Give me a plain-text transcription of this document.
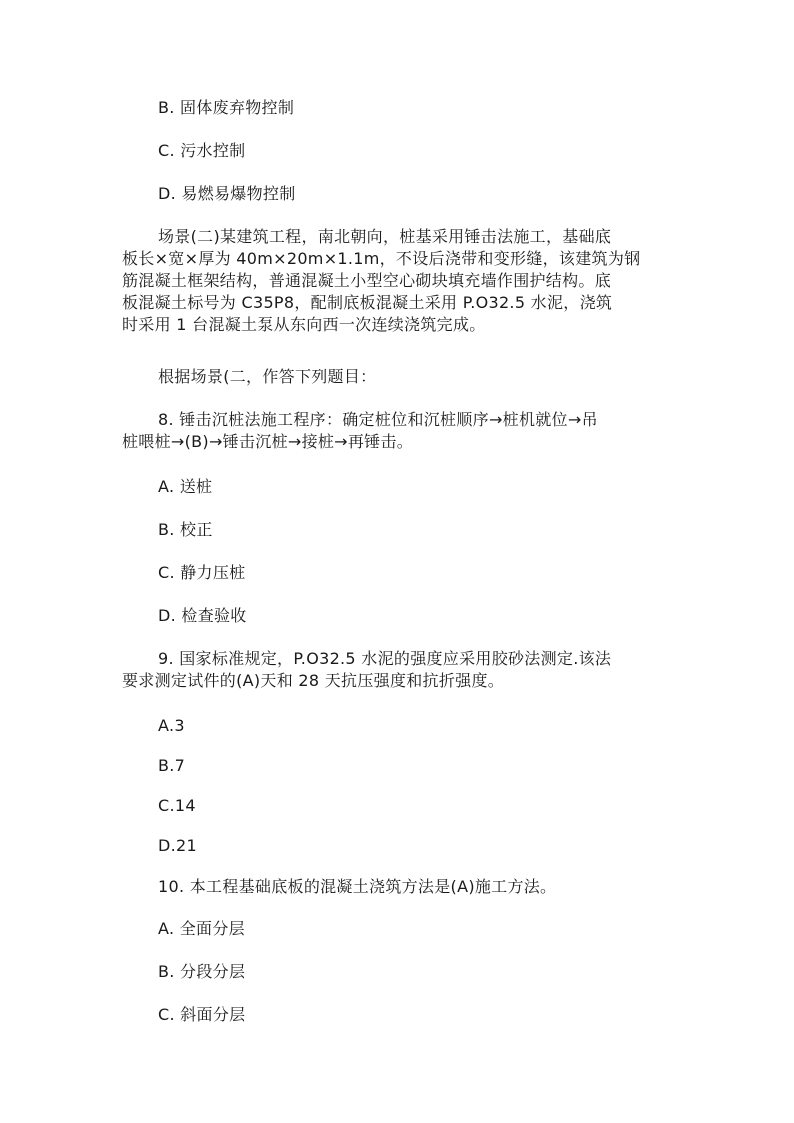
B. 固体废弃物控制
C. 污水控制
D. 易燃易爆物控制
场景(二)某建筑工程，南北朝向，桩基采用锤击法施工，基础底
板长×宽×厚为 40m×20m×1.1m，不设后浇带和变形缝，该建筑为钢
筋混凝土框架结构，普通混凝土小型空心砌块填充墙作围护结构。底
板混凝土标号为 C35P8，配制底板混凝土采用 P.O32.5 水泥，浇筑
时采用 1 台混凝土泵从东向西一次连续浇筑完成。
根据场景(二，作答下列题目：
8. 锤击沉桩法施工程序：确定桩位和沉桩顺序→桩机就位→吊
桩喂桩→(B)→锤击沉桩→接桩→再锤击。
A. 送桩
B. 校正
C. 静力压桩
D. 检查验收
9. 国家标准规定，P.O32.5 水泥的强度应采用胶砂法测定.该法
要求测定试件的(A)天和 28 天抗压强度和抗折强度。
A.3
B.7
C.14
D.21
10. 本工程基础底板的混凝土浇筑方法是(A)施工方法。
A. 全面分层
B. 分段分层
C. 斜面分层
